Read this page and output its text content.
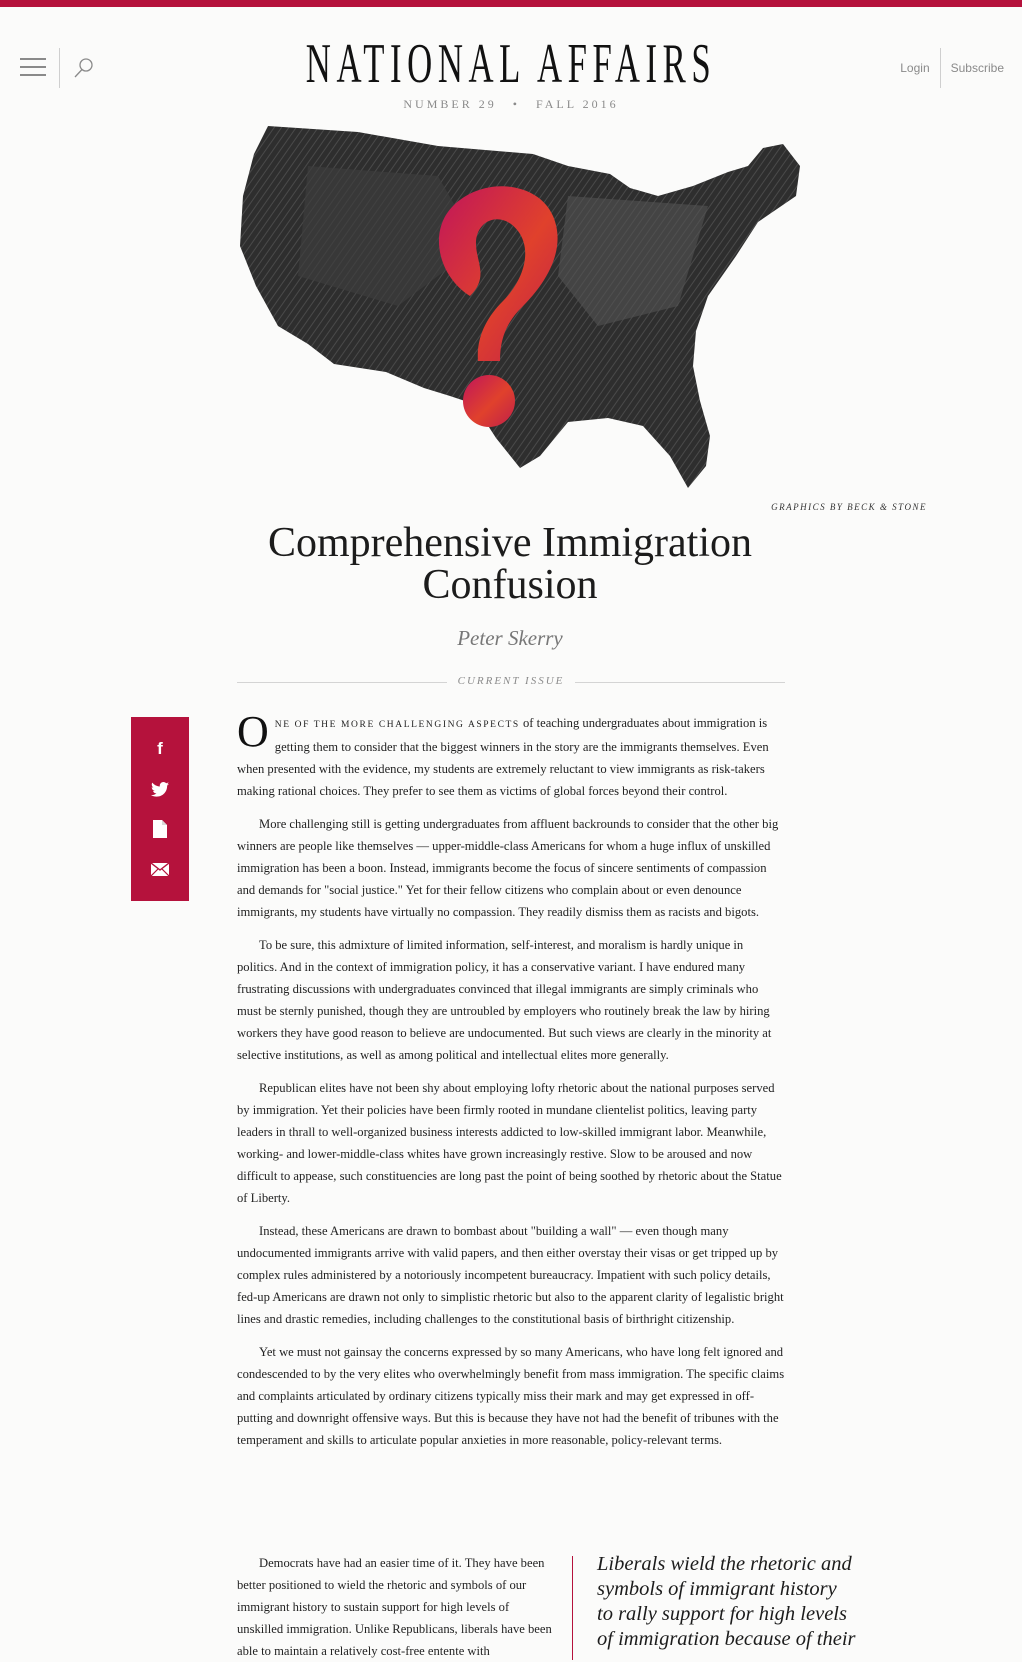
NATIONAL AFFAIRS
NUMBER 29 • FALL 2016
Login	Subscribe
GRAPHICS BY BECK & STONE
Comprehensive Immigration
Confusion
Peter Skerry
CURRENT ISSUE
f ONE OF THE MORE CHALLENGING ASPECTS of teaching undergraduates about immigration is getting them to consider that the biggest winners in the story are the immigrants themselves. Even when presented with the evidence, my students are extremely reluctant to view immigrants as risk-takers making rational choices. They prefer to see them as victims of global forces beyond their control.

More challenging still is getting undergraduates from affluent backrounds to consider that the other big winners are people like themselves — upper-middle-class Americans for whom a huge influx of unskilled immigration has been a boon. Instead, immigrants become the focus of sincere sentiments of compassion and demands for "social justice." Yet for their fellow citizens who complain about or even denounce immigrants, my students have virtually no compassion. They readily dismiss them as racists and bigots.

To be sure, this admixture of limited information, self-interest, and moralism is hardly unique in politics. And in the context of immigration policy, it has a conservative variant. I have endured many frustrating discussions with undergraduates convinced that illegal immigrants are simply criminals who must be sternly punished, though they are untroubled by employers who routinely break the law by hiring workers they have good reason to believe are undocumented. But such views are clearly in the minority at selective institutions, as well as among political and intellectual elites more generally.

Republican elites have not been shy about employing lofty rhetoric about the national purposes served by immigration. Yet their policies have been firmly rooted in mundane clientelist politics, leaving party leaders in thrall to well-organized business interests addicted to low-skilled immigrant labor. Meanwhile, working- and lower-middle-class whites have grown increasingly restive. Slow to be aroused and now difficult to appease, such constituencies are long past the point of being soothed by rhetoric about the Statue of Liberty.

Instead, these Americans are drawn to bombast about "building a wall" — even though many undocumented immigrants arrive with valid papers, and then either overstay their visas or get tripped up by complex rules administered by a notoriously incompetent bureaucracy. Impatient with such policy details, fed-up Americans are drawn not only to simplistic rhetoric but also to the apparent clarity of legalistic bright lines and drastic remedies, including challenges to the constitutional basis of birthright citizenship.

Yet we must not gainsay the concerns expressed by so many Americans, who have long felt ignored and condescended to by the very elites who overwhelmingly benefit from mass immigration. The specific claims and complaints articulated by ordinary citizens typically miss their mark and may get expressed in off-putting and downright offensive ways. But this is because they have not had the benefit of tribunes with the temperament and skills to articulate popular anxieties in more reasonable, policy-relevant terms.

Democrats have had an easier time of it. They have been better positioned to wield the rhetoric and symbols of our immigrant history to sustain support for high levels of unskilled immigration. Unlike Republicans, liberals have been able to maintain a relatively cost-free entente with

Liberals wield the rhetoric and symbols of immigrant history to rally support for high levels of immigration because of their
